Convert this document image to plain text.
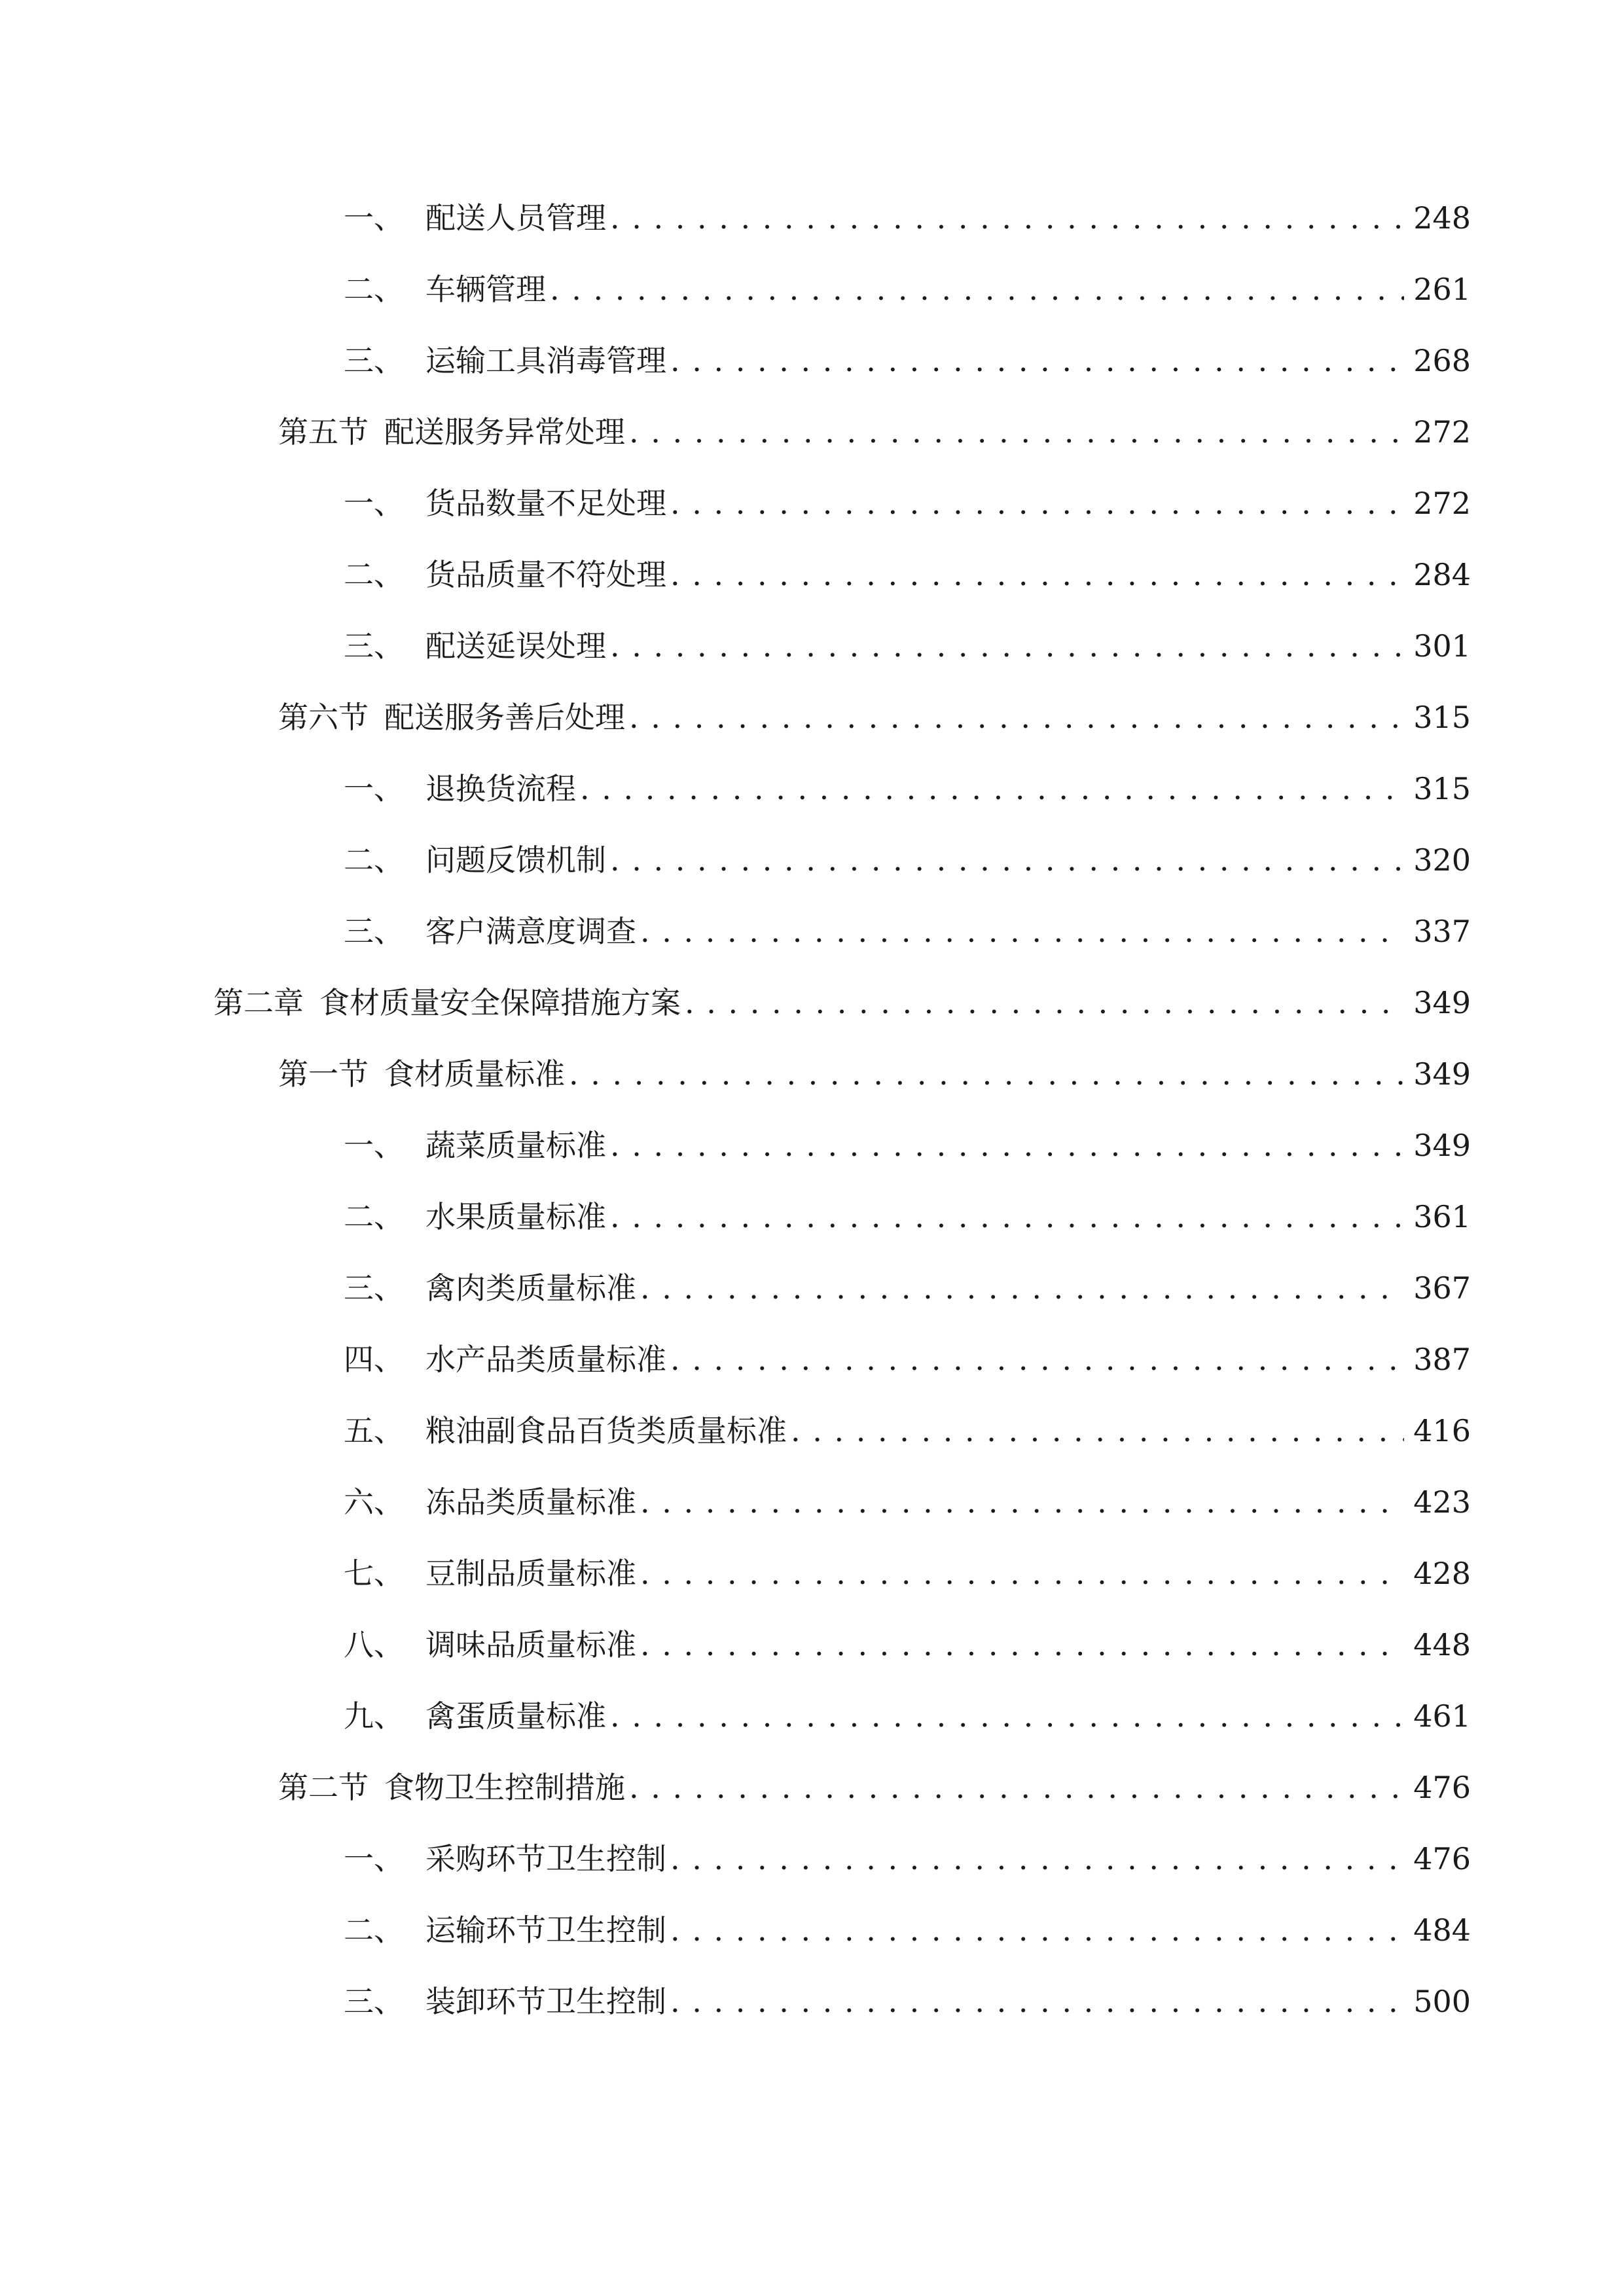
一、 配送人员管理 . . .	248
二、 车辆管理 . . .	261
三、 运输工具消毒管理 . . .	268
第五节 配送服务异常处理 . . .	272
一、 货品数量不足处理 . . .	272
二、 货品质量不符处理 . . .	284
三、 配送延误处理 . . .	301
第六节 配送服务善后处理 . . .	315
一、 退换货流程 . . .	315
二、 问题反馈机制 . . .	320
三、 客户满意度调查 . . .	337
第二章 食材质量安全保障措施方案 . . .	349
第一节 食材质量标准 . . .	349
一、 蔬菜质量标准 . . .	349
二、 水果质量标准 . . .	361
三、 禽肉类质量标准 . . .	367
四、 水产品类质量标准 . . .	387
五、 粮油副食品百货类质量标准 . . .	416
六、 冻品类质量标准 . . .	423
七、 豆制品质量标准 . . .	428
八、 调味品质量标准 . . .	448
九、 禽蛋质量标准 . . .	461
第二节 食物卫生控制措施 . . .	476
一、 采购环节卫生控制 . . .	476
二、 运输环节卫生控制 . . .	484
三、 装卸环节卫生控制 . . .	500
